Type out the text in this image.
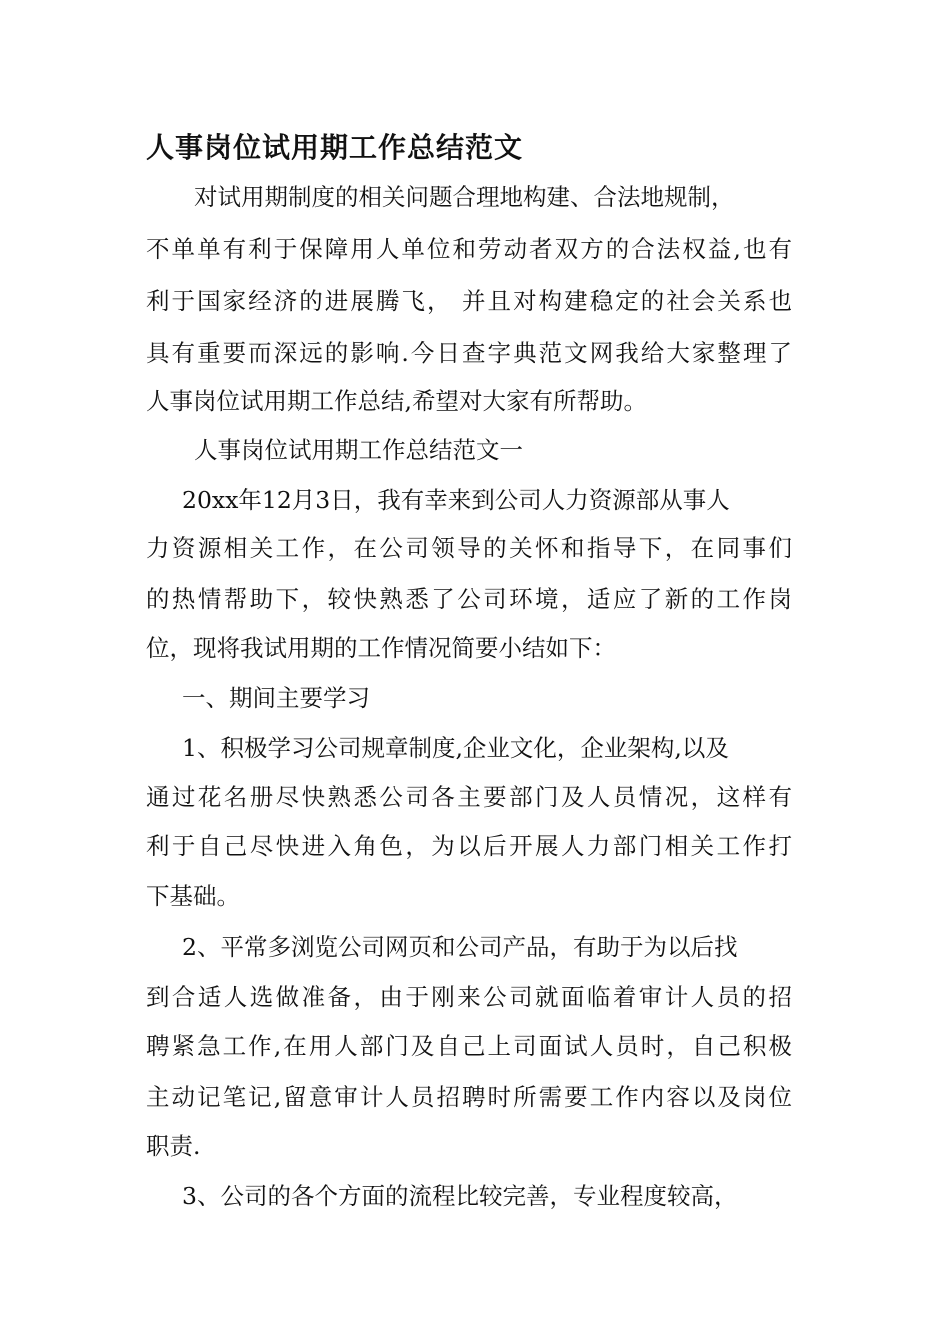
人事岗位试用期工作总结范文
对试用期制度的相关问题合理地构建、合法地规制，
不单单有利于保障用人单位和劳动者双方的合法权益,也有
利于国家经济的进展腾飞， 并且对构建稳定的社会关系也
具有重要而深远的影响.今日查字典范文网我给大家整理了
人事岗位试用期工作总结,希望对大家有所帮助。
人事岗位试用期工作总结范文一
20xx年12月3日，我有幸来到公司人力资源部从事人
力资源相关工作，在公司领导的关怀和指导下，在同事们
的热情帮助下，较快熟悉了公司环境，适应了新的工作岗
位，现将我试用期的工作情况简要小结如下：
一、期间主要学习
1、积极学习公司规章制度,企业文化，企业架构,以及
通过花名册尽快熟悉公司各主要部门及人员情况，这样有
利于自己尽快进入角色，为以后开展人力部门相关工作打
下基础。
2、平常多浏览公司网页和公司产品，有助于为以后找
到合适人选做准备，由于刚来公司就面临着审计人员的招
聘紧急工作,在用人部门及自己上司面试人员时，自己积极
主动记笔记,留意审计人员招聘时所需要工作内容以及岗位
职责.
3、公司的各个方面的流程比较完善，专业程度较高，
